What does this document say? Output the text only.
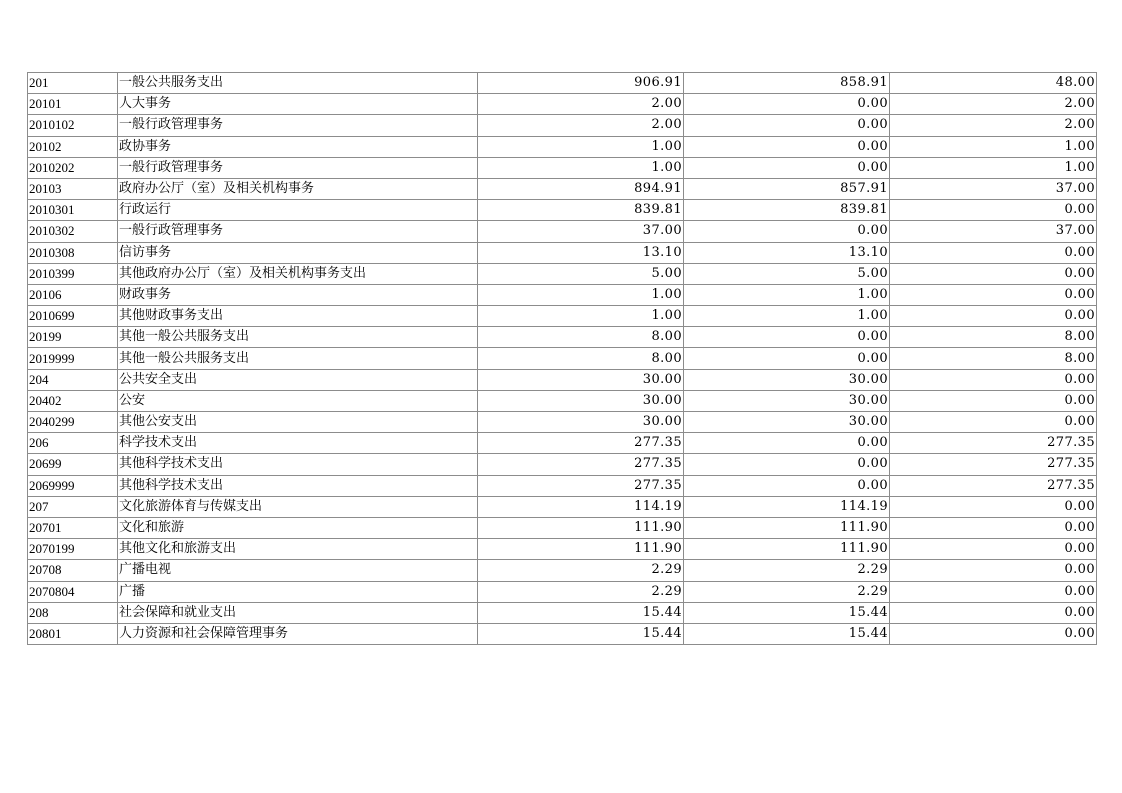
201	一般公共服务支出	906.91	858.91	48.00
20101	人大事务	2.00	0.00	2.00
2010102	一般行政管理事务	2.00	0.00	2.00
20102	政协事务	1.00	0.00	1.00
2010202	一般行政管理事务	1.00	0.00	1.00
20103	政府办公厅（室）及相关机构事务	894.91	857.91	37.00
2010301	行政运行	839.81	839.81	0.00
2010302	一般行政管理事务	37.00	0.00	37.00
2010308	信访事务	13.10	13.10	0.00
2010399	其他政府办公厅（室）及相关机构事务支出	5.00	5.00	0.00
20106	财政事务	1.00	1.00	0.00
2010699	其他财政事务支出	1.00	1.00	0.00
20199	其他一般公共服务支出	8.00	0.00	8.00
2019999	其他一般公共服务支出	8.00	0.00	8.00
204	公共安全支出	30.00	30.00	0.00
20402	公安	30.00	30.00	0.00
2040299	其他公安支出	30.00	30.00	0.00
206	科学技术支出	277.35	0.00	277.35
20699	其他科学技术支出	277.35	0.00	277.35
2069999	其他科学技术支出	277.35	0.00	277.35
207	文化旅游体育与传媒支出	114.19	114.19	0.00
20701	文化和旅游	111.90	111.90	0.00
2070199	其他文化和旅游支出	111.90	111.90	0.00
20708	广播电视	2.29	2.29	0.00
2070804	广播	2.29	2.29	0.00
208	社会保障和就业支出	15.44	15.44	0.00
20801	人力资源和社会保障管理事务	15.44	15.44	0.00
